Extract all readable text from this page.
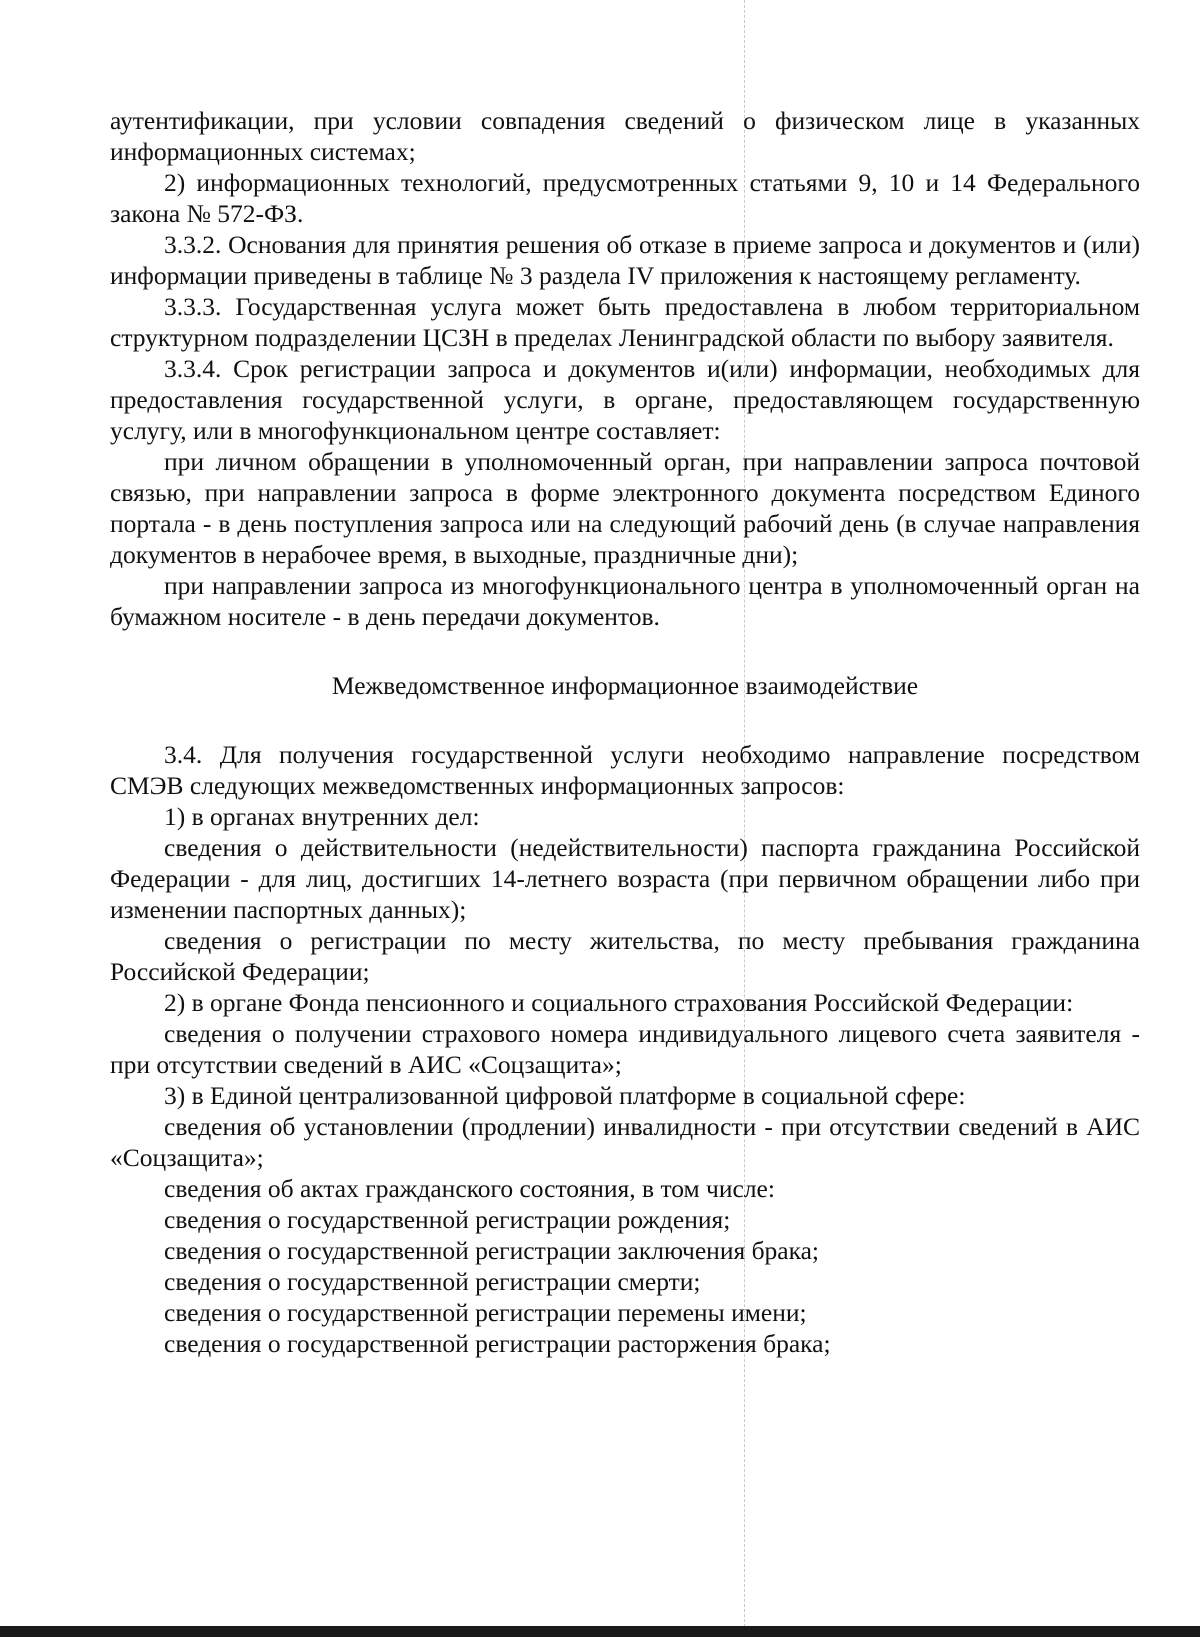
аутентификации, при условии совпадения сведений о физическом лице в указанных информационных системах;

2) информационных технологий, предусмотренных статьями 9, 10 и 14 Федерального закона № 572-ФЗ.

3.3.2. Основания для принятия решения об отказе в приеме запроса и документов и (или) информации приведены в таблице № 3 раздела IV приложения к настоящему регламенту.

3.3.3. Государственная услуга может быть предоставлена в любом территориальном структурном подразделении ЦСЗН в пределах Ленинградской области по выбору заявителя.

3.3.4. Срок регистрации запроса и документов и(или) информации, необходимых для предоставления государственной услуги, в органе, предоставляющем государственную услугу, или в многофункциональном центре составляет:

при личном обращении в уполномоченный орган, при направлении запроса почтовой связью, при направлении запроса в форме электронного документа посредством Единого портала - в день поступления запроса или на следующий рабочий день (в случае направления документов в нерабочее время, в выходные, праздничные дни);

при направлении запроса из многофункционального центра в уполномоченный орган на бумажном носителе - в день передачи документов.

Межведомственное информационное взаимодействие

3.4. Для получения государственной услуги необходимо направление посредством СМЭВ следующих межведомственных информационных запросов:

1) в органах внутренних дел:

сведения о действительности (недействительности) паспорта гражданина Российской Федерации - для лиц, достигших 14-летнего возраста (при первичном обращении либо при изменении паспортных данных);

сведения о регистрации по месту жительства, по месту пребывания гражданина Российской Федерации;

2) в органе Фонда пенсионного и социального страхования Российской Федерации:

сведения о получении страхового номера индивидуального лицевого счета заявителя - при отсутствии сведений в АИС «Соцзащита»;

3) в Единой централизованной цифровой платформе в социальной сфере:

сведения об установлении (продлении) инвалидности - при отсутствии сведений в АИС «Соцзащита»;

сведения об актах гражданского состояния, в том числе:

сведения о государственной регистрации рождения;

сведения о государственной регистрации заключения брака;

сведения о государственной регистрации смерти;

сведения о государственной регистрации перемены имени;

сведения о государственной регистрации расторжения брака;
